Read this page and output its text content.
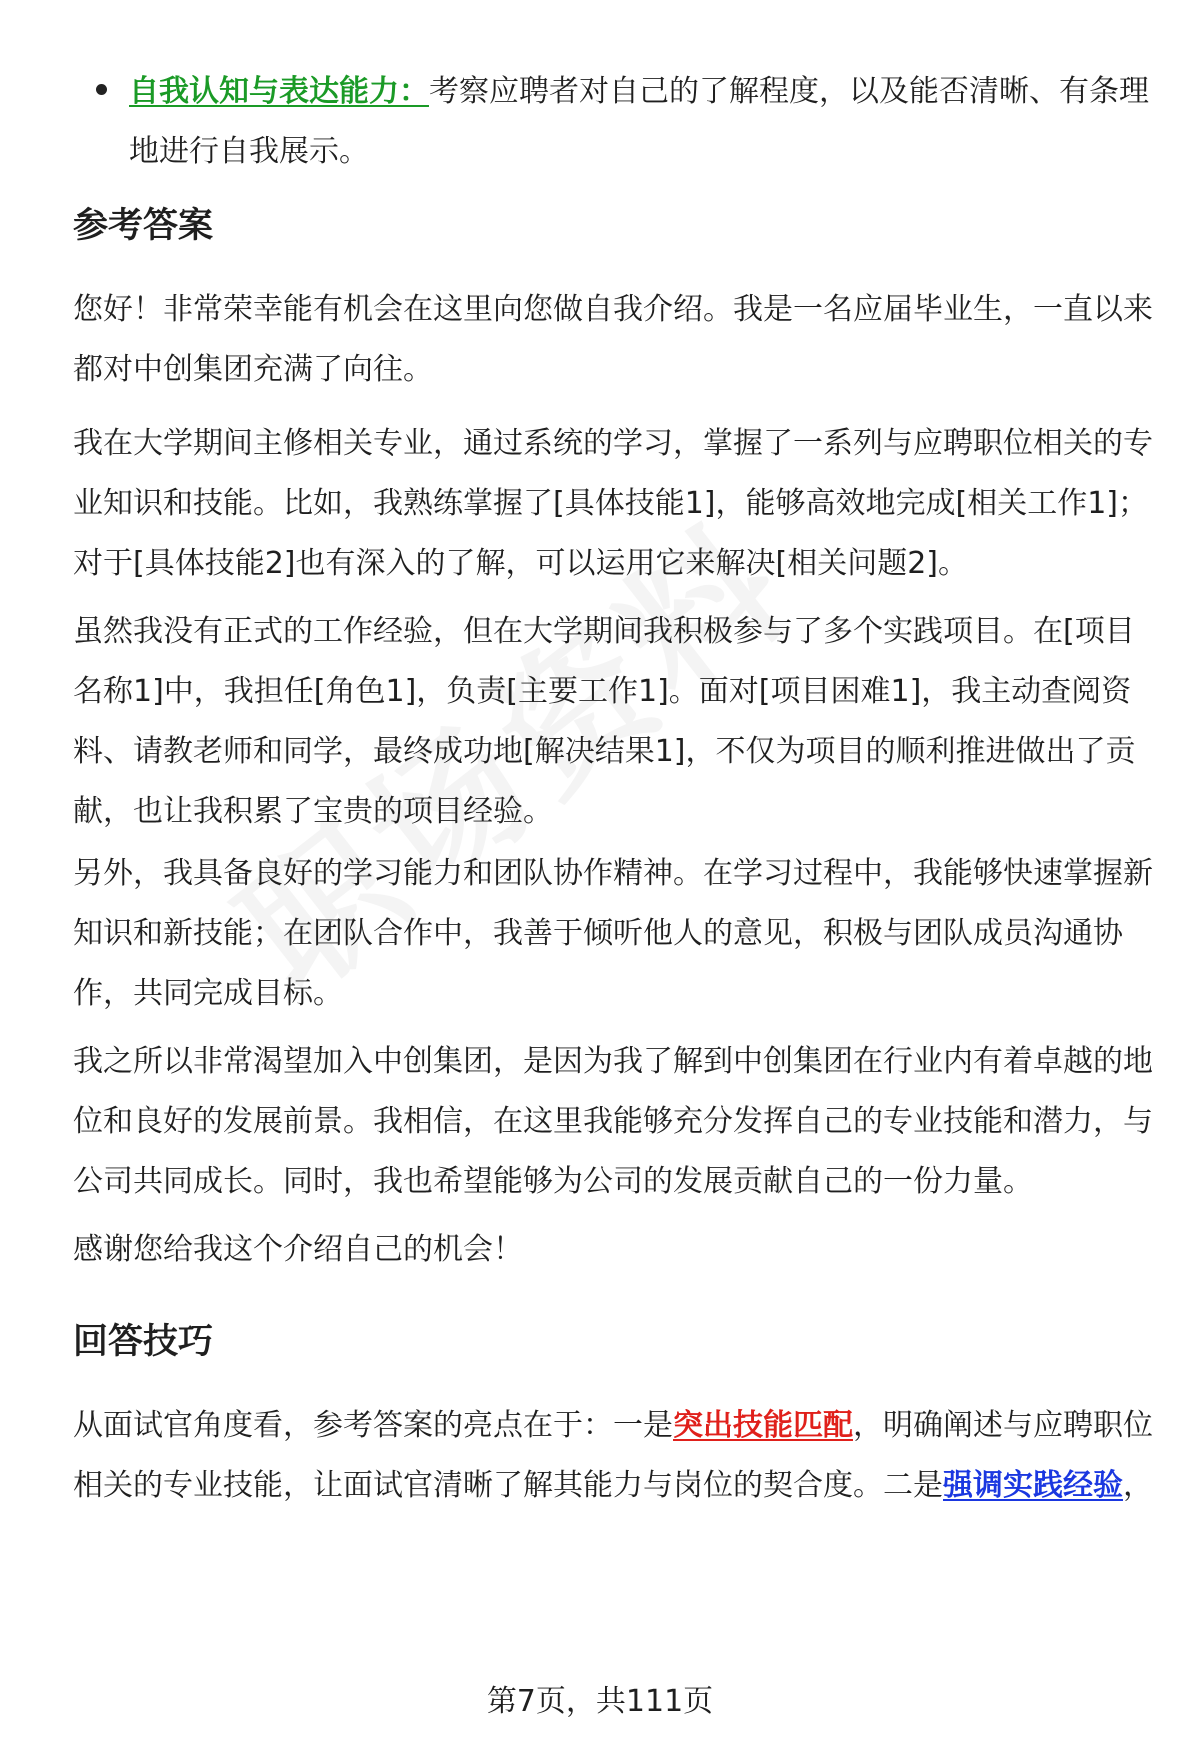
自我认知与表达能力：考察应聘者对自己的了解程度，以及能否清晰、有条理地进行自我展示。
参考答案

您好！非常荣幸能有机会在这里向您做自我介绍。我是一名应届毕业生，一直以来都对中创集团充满了向往。

我在大学期间主修相关专业，通过系统的学习，掌握了一系列与应聘职位相关的专业知识和技能。比如，我熟练掌握了[具体技能1]，能够高效地完成[相关工作1]；对于[具体技能2]也有深入的了解，可以运用它来解决[相关问题2]。

虽然我没有正式的工作经验，但在大学期间我积极参与了多个实践项目。在[项目名称1]中，我担任[角色1]，负责[主要工作1]。面对[项目困难1]，我主动查阅资料、请教老师和同学，最终成功地[解决结果1]，不仅为项目的顺利推进做出了贡献，也让我积累了宝贵的项目经验。

另外，我具备良好的学习能力和团队协作精神。在学习过程中，我能够快速掌握新知识和新技能；在团队合作中，我善于倾听他人的意见，积极与团队成员沟通协作，共同完成目标。

我之所以非常渴望加入中创集团，是因为我了解到中创集团在行业内有着卓越的地位和良好的发展前景。我相信，在这里我能够充分发挥自己的专业技能和潜力，与公司共同成长。同时，我也希望能够为公司的发展贡献自己的一份力量。

感谢您给我这个介绍自己的机会！

回答技巧

从面试官角度看，参考答案的亮点在于：一是突出技能匹配，明确阐述与应聘职位相关的专业技能，让面试官清晰了解其能力与岗位的契合度。二是强调实践经验，

第7页，共111页
